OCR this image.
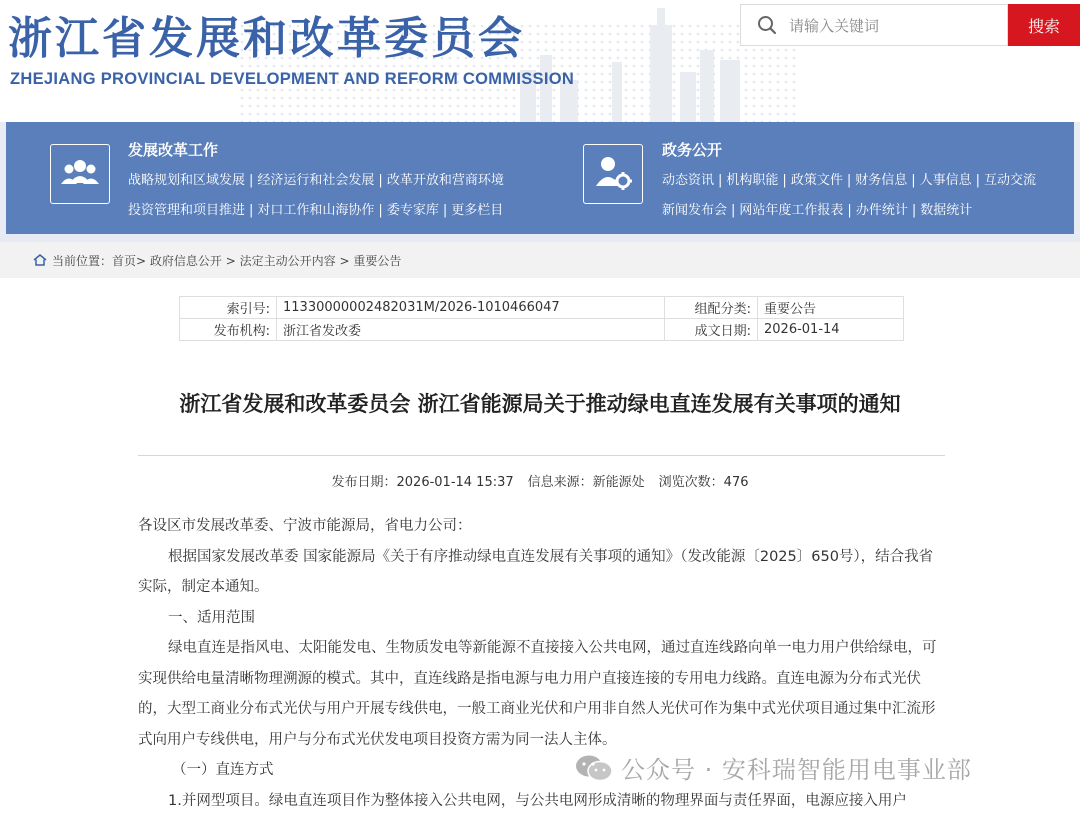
浙江省发展和改革委员会
ZHEJIANG PROVINCIAL DEVELOPMENT AND REFORM COMMISSION
请输入关键词
搜索
发展改革工作
战略规划和区域发展 | 经济运行和社会发展 | 改革开放和营商环境
投资管理和项目推进 | 对口工作和山海协作 | 委专家库 | 更多栏目
政务公开
动态资讯 | 机构职能 | 政策文件 | 财务信息 | 人事信息 | 互动交流
新闻发布会 | 网站年度工作报表 | 办件统计 | 数据统计
当前位置：首页> 政府信息公开 > 法定主动公开内容 > 重要公告
索引号:	11330000002482031M/2026-1010466047	组配分类:	重要公告
发布机构:	浙江省发改委	成文日期:	2026-01-14
浙江省发展和改革委员会 浙江省能源局关于推动绿电直连发展有关事项的通知
发布日期：2026-01-14 15:37 信息来源：新能源处 浏览次数：476

各设区市发展改革委、宁波市能源局，省电力公司：

根据国家发展改革委 国家能源局《关于有序推动绿电直连发展有关事项的通知》（发改能源〔2025〕650号），结合我省实际，制定本通知。

一、适用范围

绿电直连是指风电、太阳能发电、生物质发电等新能源不直接接入公共电网，通过直连线路向单一电力用户供给绿电，可实现供给电量清晰物理溯源的模式。其中，直连线路是指电源与电力用户直接连接的专用电力线路。直连电源为分布式光伏的，大型工商业分布式光伏与用户开展专线供电，一般工商业光伏和户用非自然人光伏可作为集中式光伏项目通过集中汇流形式向用户专线供电，用户与分布式光伏发电项目投资方需为同一法人主体。

（一）直连方式

1.并网型项目。绿电直连项目作为整体接入公共电网，与公共电网形成清晰的物理界面与责任界面，电源应接入用户

公众号 · 安科瑞智能用电事业部
